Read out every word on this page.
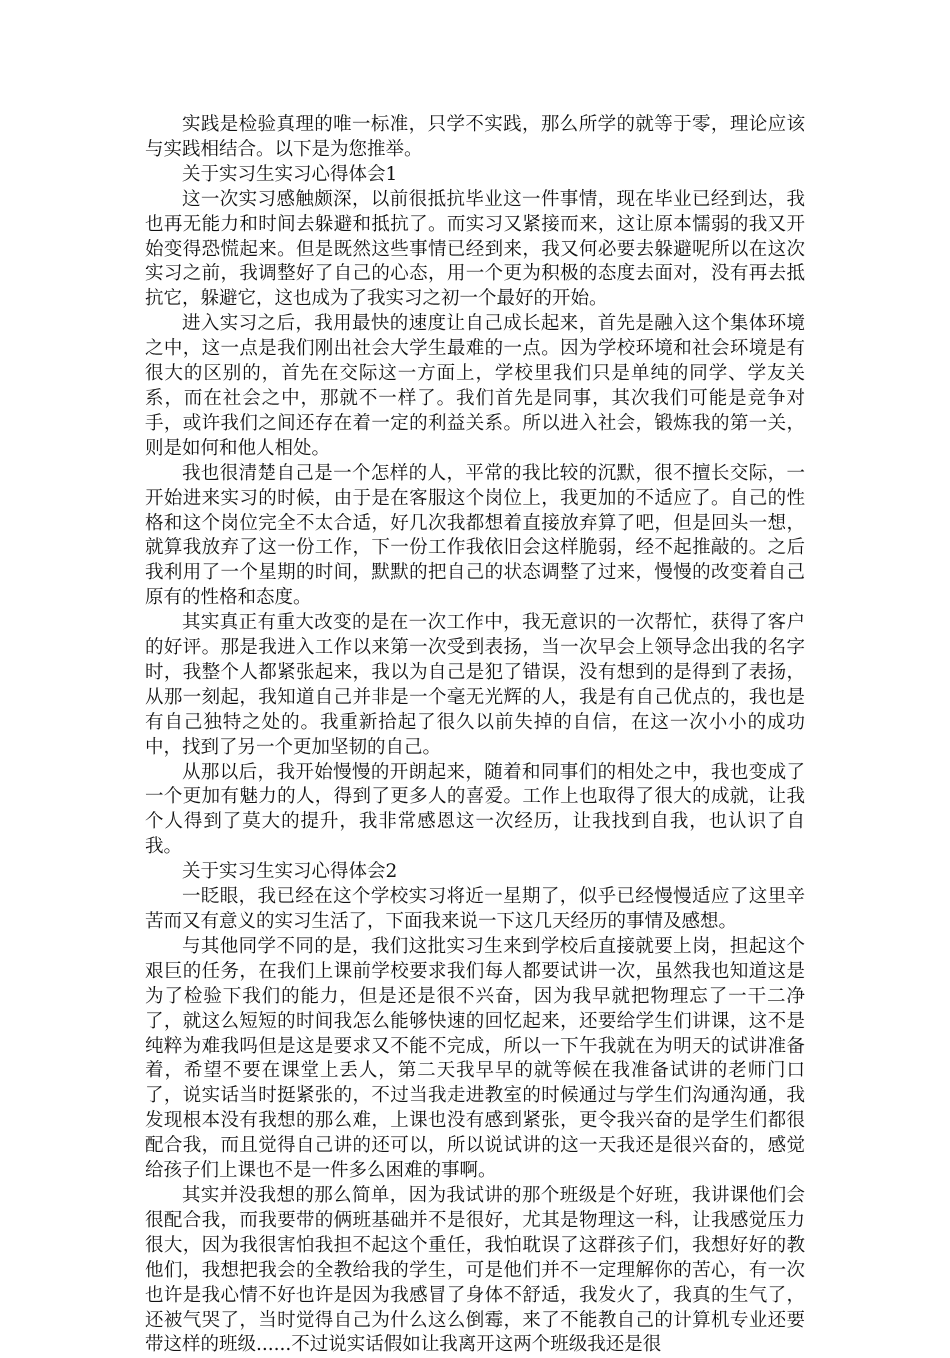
实践是检验真理的唯一标准，只学不实践，那么所学的就等于零，理论应该与实践相结合。以下是为您推举。

关于实习生实习心得体会1

这一次实习感触颇深，以前很抵抗毕业这一件事情，现在毕业已经到达，我也再无能力和时间去躲避和抵抗了。而实习又紧接而来，这让原本懦弱的我又开始变得恐慌起来。但是既然这些事情已经到来，我又何必要去躲避呢所以在这次实习之前，我调整好了自己的心态，用一个更为积极的态度去面对，没有再去抵抗它，躲避它，这也成为了我实习之初一个最好的开始。

进入实习之后，我用最快的速度让自己成长起来，首先是融入这个集体环境之中，这一点是我们刚出社会大学生最难的一点。因为学校环境和社会环境是有很大的区别的，首先在交际这一方面上，学校里我们只是单纯的同学、学友关系，而在社会之中，那就不一样了。我们首先是同事，其次我们可能是竞争对手，或许我们之间还存在着一定的利益关系。所以进入社会，锻炼我的第一关，则是如何和他人相处。

我也很清楚自己是一个怎样的人，平常的我比较的沉默，很不擅长交际，一开始进来实习的时候，由于是在客服这个岗位上，我更加的不适应了。自己的性格和这个岗位完全不太合适，好几次我都想着直接放弃算了吧，但是回头一想，就算我放弃了这一份工作，下一份工作我依旧会这样脆弱，经不起推敲的。之后我利用了一个星期的时间，默默的把自己的状态调整了过来，慢慢的改变着自己原有的性格和态度。

其实真正有重大改变的是在一次工作中，我无意识的一次帮忙，获得了客户的好评。那是我进入工作以来第一次受到表扬，当一次早会上领导念出我的名字时，我整个人都紧张起来，我以为自己是犯了错误，没有想到的是得到了表扬，从那一刻起，我知道自己并非是一个毫无光辉的人，我是有自己优点的，我也是有自己独特之处的。我重新拾起了很久以前失掉的自信，在这一次小小的成功中，找到了另一个更加坚韧的自己。

从那以后，我开始慢慢的开朗起来，随着和同事们的相处之中，我也变成了一个更加有魅力的人，得到了更多人的喜爱。工作上也取得了很大的成就，让我个人得到了莫大的提升，我非常感恩这一次经历，让我找到自我，也认识了自我。

关于实习生实习心得体会2

一眨眼，我已经在这个学校实习将近一星期了，似乎已经慢慢适应了这里辛苦而又有意义的实习生活了，下面我来说一下这几天经历的事情及感想。

与其他同学不同的是，我们这批实习生来到学校后直接就要上岗，担起这个艰巨的任务，在我们上课前学校要求我们每人都要试讲一次，虽然我也知道这是为了检验下我们的能力，但是还是很不兴奋，因为我早就把物理忘了一干二净了，就这么短短的时间我怎么能够快速的回忆起来，还要给学生们讲课，这不是纯粹为难我吗但是这是要求又不能不完成，所以一下午我就在为明天的试讲准备着，希望不要在课堂上丢人，第二天我早早的就等候在我准备试讲的老师门口了，说实话当时挺紧张的，不过当我走进教室的时候通过与学生们沟通沟通，我发现根本没有我想的那么难，上课也没有感到紧张，更令我兴奋的是学生们都很配合我，而且觉得自己讲的还可以，所以说试讲的这一天我还是很兴奋的，感觉给孩子们上课也不是一件多么困难的事啊。

其实并没我想的那么简单，因为我试讲的那个班级是个好班，我讲课他们会很配合我，而我要带的俩班基础并不是很好，尤其是物理这一科，让我感觉压力很大，因为我很害怕我担不起这个重任，我怕耽误了这群孩子们，我想好好的教他们，我想把我会的全教给我的学生，可是他们并不一定理解你的苦心，有一次也许是我心情不好也许是因为我感冒了身体不舒适，我发火了，我真的生气了，还被气哭了，当时觉得自己为什么这么倒霉，来了不能教自己的计算机专业还要带这样的班级......不过说实话假如让我离开这两个班级我还是很
